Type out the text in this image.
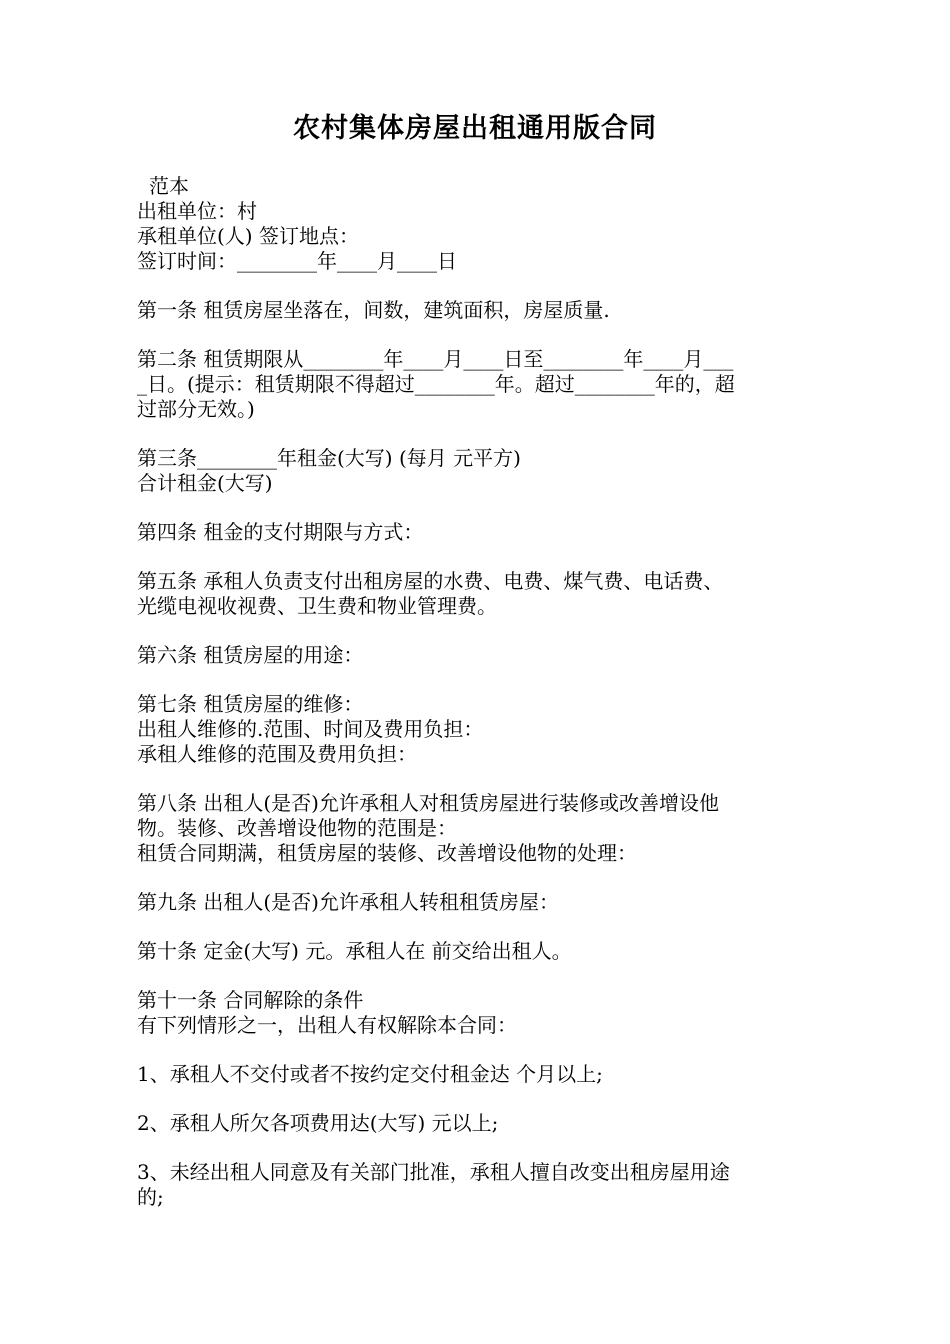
农村集体房屋出租通用版合同
范本
出租单位：村
承租单位(人) 签订地点：
签订时间：________年____月____日
第一条 租赁房屋坐落在，间数，建筑面积，房屋质量.
第二条 租赁期限从________年____月____日至________年____月___
_日。(提示：租赁期限不得超过________年。超过________年的，超
过部分无效。)
第三条________年租金(大写) (每月 元平方)
合计租金(大写)
第四条 租金的支付期限与方式：
第五条 承租人负责支付出租房屋的水费、电费、煤气费、电话费、
光缆电视收视费、卫生费和物业管理费。
第六条 租赁房屋的用途：
第七条 租赁房屋的维修：
出租人维修的.范围、时间及费用负担：
承租人维修的范围及费用负担：
第八条 出租人(是否)允许承租人对租赁房屋进行装修或改善增设他
物。装修、改善增设他物的范围是：
租赁合同期满，租赁房屋的装修、改善增设他物的处理：
第九条 出租人(是否)允许承租人转租租赁房屋：
第十条 定金(大写) 元。承租人在 前交给出租人。
第十一条 合同解除的条件
有下列情形之一，出租人有权解除本合同：
1、承租人不交付或者不按约定交付租金达 个月以上;
2、承租人所欠各项费用达(大写) 元以上;
3、未经出租人同意及有关部门批准，承租人擅自改变出租房屋用途
的;
